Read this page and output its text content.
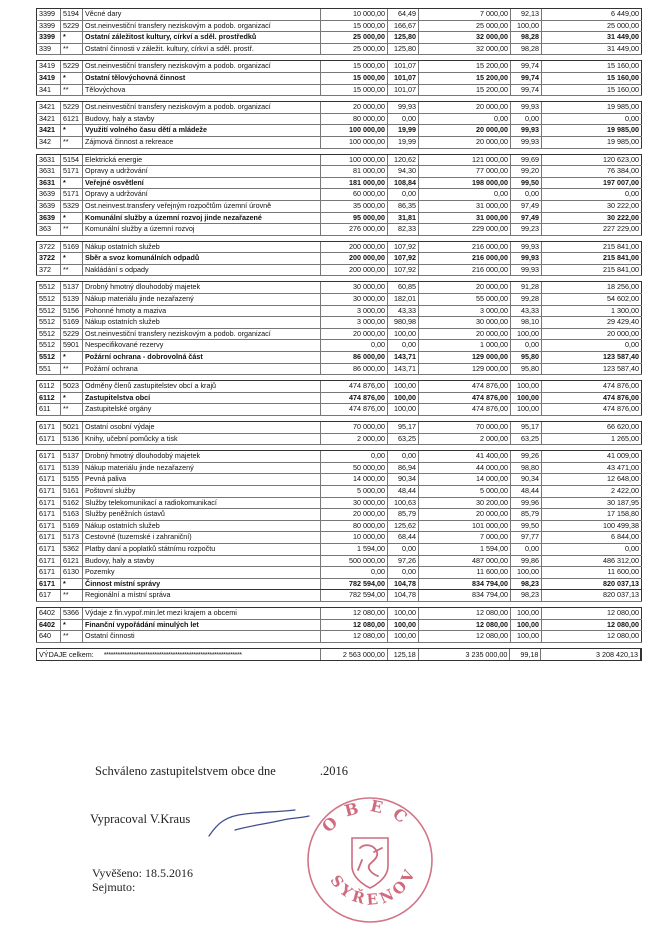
3399	5194 Věcné dary	10 000,00	64,49	7 000,00	92,13	6 449,00
3399	5229 Ost.neinvestiční transfery neziskovým a podob. organizací	15 000,00	166,67	25 000,00	100,00	25 000,00
3399	*	Ostatní záležitost kultury, církví a sděl. prostředků	25 000,00	125,80	32 000,00	98,28	31 449,00
339	**	Ostatní činnosti v záležit. kultury, církví a sděl. prostř.	25 000,00	125,80	32 000,00	98,28	31 449,00
3419	5229 Ost.neinvestiční transfery neziskovým a podob. organizací	15 000,00	101,07	15 200,00	99,74	15 160,00
3419	*	Ostatní tělovýchovná činnost	15 000,00	101,07	15 200,00	99,74	15 160,00
341	**	Tělovýchova	15 000,00	101,07	15 200,00	99,74	15 160,00
3421	5229 Ost.neinvestiční transfery neziskovým a podob. organizací	20 000,00	99,93	20 000,00	99,93	19 985,00
3421	6121 Budovy, haly a stavby	80 000,00	0,00	0,00	0,00	0,00
3421	*	Využití volného času dětí a mládeže	100 000,00	19,99	20 000,00	99,93	19 985,00
342	**	Zájmová činnost a rekreace	100 000,00	19,99	20 000,00	99,93	19 985,00
3631	5154 Elektrická energie	100 000,00	120,62	121 000,00	99,69	120 623,00
3631	5171 Opravy a udržování	81 000,00	94,30	77 000,00	99,20	76 384,00
3631	*	Veřejné osvětlení	181 000,00	108,84	198 000,00	99,50	197 007,00
3639	5171 Opravy a udržování	60 000,00	0,00	0,00	0,00	0,00
3639	5329 Ost.neinvest.transfery veřejným rozpočtům územní úrovně	35 000,00	86,35	31 000,00	97,49	30 222,00
3639	*	Komunální služby a územní rozvoj jinde nezařazené	95 000,00	31,81	31 000,00	97,49	30 222,00
363	**	Komunální služby a územní rozvoj	276 000,00	82,33	229 000,00	99,23	227 229,00
3722	5169 Nákup ostatních služeb	200 000,00	107,92	216 000,00	99,93	215 841,00
3722	*	Sběr a svoz komunálních odpadů	200 000,00	107,92	216 000,00	99,93	215 841,00
372	**	Nakládání s odpady	200 000,00	107,92	216 000,00	99,93	215 841,00
5512	5137 Drobný hmotný dlouhodobý majetek	30 000,00	60,85	20 000,00	91,28	18 256,00
5512	5139 Nákup materiálu jinde nezařazený	30 000,00	182,01	55 000,00	99,28	54 602,00
5512	5156 Pohonné hmoty a maziva	3 000,00	43,33	3 000,00	43,33	1 300,00
5512	5169 Nákup ostatních služeb	3 000,00	980,98	30 000,00	98,10	29 429,40
5512	5229 Ost.neinvestiční transfery neziskovým a podob. organizací	20 000,00	100,00	20 000,00	100,00	20 000,00
5512	5901 Nespecifikované rezervy	0,00	0,00	1 000,00	0,00	0,00
5512	*	Požární ochrana - dobrovolná část	86 000,00	143,71	129 000,00	95,80	123 587,40
551	**	Požární ochrana	86 000,00	143,71	129 000,00	95,80	123 587,40
6112	5023 Odměny členů zastupitelstev obcí a krajů	474 876,00	100,00	474 876,00	100,00	474 876,00
6112	*	Zastupitelstva obcí	474 876,00	100,00	474 876,00	100,00	474 876,00
611	**	Zastupitelské orgány	474 876,00	100,00	474 876,00	100,00	474 876,00
6171	5021 Ostatní osobní výdaje	70 000,00	95,17	70 000,00	95,17	66 620,00
6171	5136 Knihy, učební pomůcky a tisk	2 000,00	63,25	2 000,00	63,25	1 265,00
6171	5137 Drobný hmotný dlouhodobý majetek	0,00	0,00	41 400,00	99,26	41 009,00
6171	5139 Nákup materiálu jinde nezařazený	50 000,00	86,94	44 000,00	98,80	43 471,00
6171	5155 Pevná paliva	14 000,00	90,34	14 000,00	90,34	12 648,00
6171	5161 Poštovní služby	5 000,00	48,44	5 000,00	48,44	2 422,00
6171	5162 Služby telekomunikací a radiokomunikací	30 000,00	100,63	30 200,00	99,96	30 187,95
6171	5163 Služby peněžních ústavů	20 000,00	85,79	20 000,00	85,79	17 158,80
6171	5169 Nákup ostatních služeb	80 000,00	125,62	101 000,00	99,50	100 499,38
6171	5173 Cestovné (tuzemské i zahraniční)	10 000,00	68,44	7 000,00	97,77	6 844,00
6171	5362 Platby daní a poplatků státnímu rozpočtu	1 594,00	0,00	1 594,00	0,00	0,00
6171	6121 Budovy, haly a stavby	500 000,00	97,26	487 000,00	99,86	486 312,00
6171	6130 Pozemky	0,00	0,00	11 600,00	100,00	11 600,00
6171	*	Činnost místní správy	782 594,00	104,78	834 794,00	98,23	820 037,13
617	**	Regionální a místní správa	782 594,00	104,78	834 794,00	98,23	820 037,13
6402	5366 Výdaje z fin.vypoř.min.let mezi krajem a obcemi	12 080,00	100,00	12 080,00	100,00	12 080,00
6402	*	Finanční vypořádání minulých let	12 080,00	100,00	12 080,00	100,00	12 080,00
640	**	Ostatní činnosti	12 080,00	100,00	12 080,00	100,00	12 080,00
VÝDAJE celkem: ************************************************************	2 563 000,00	125,18	3 235 000,00	99,18	3 208 420,13
Schváleno zastupitelstvem obce dne	.2016
Vypracoval V.Kraus
Vyvěšeno: 18.5.2016
Sejmuto:
OBEC
SYŘENOV
